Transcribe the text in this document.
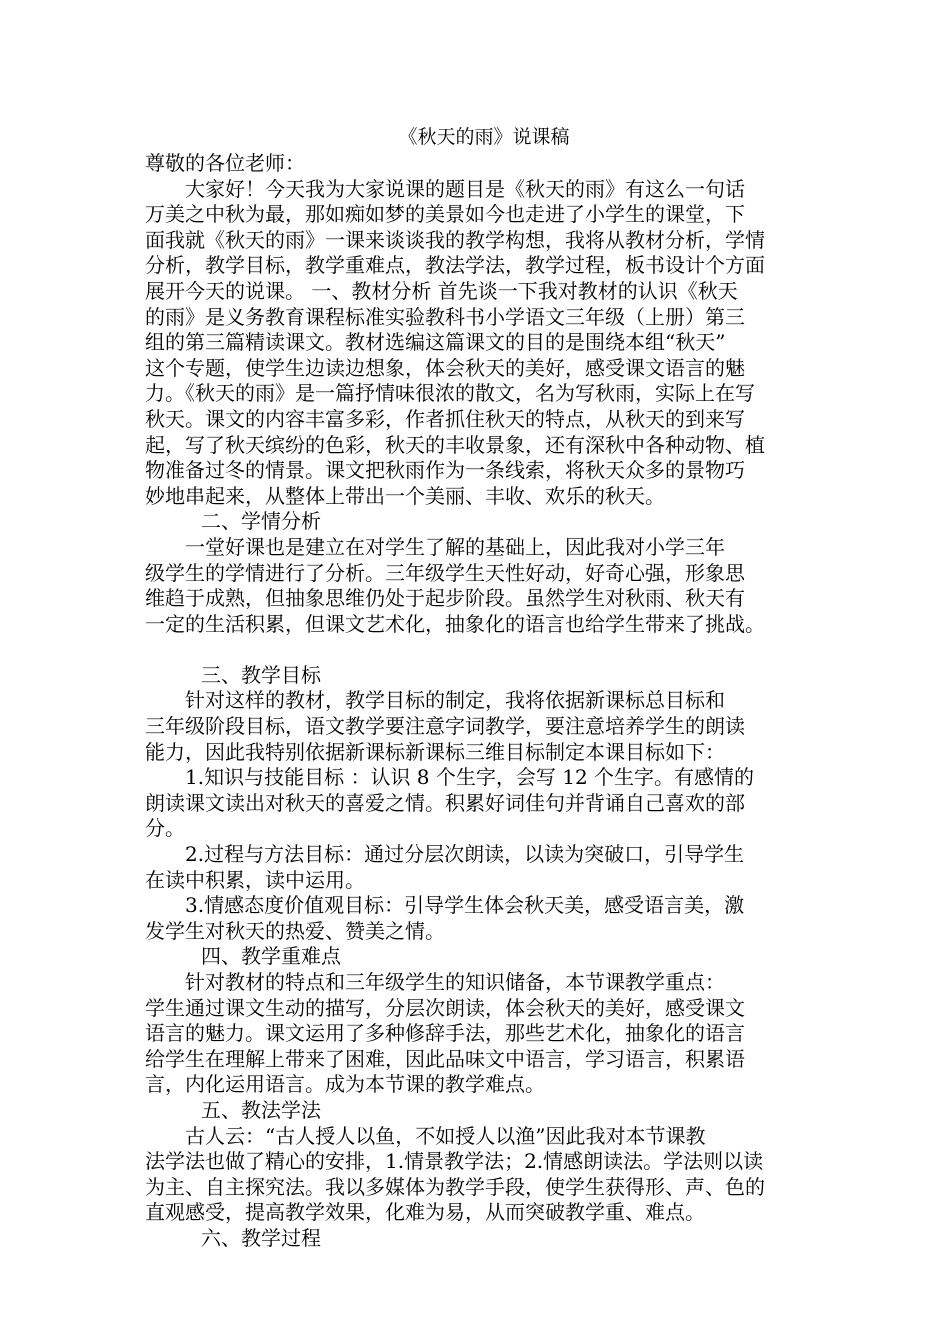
《秋天的雨》说课稿
尊敬的各位老师：
大家好！今天我为大家说课的题目是《秋天的雨》有这么一句话
万美之中秋为最，那如痴如梦的美景如今也走进了小学生的课堂，下
面我就《秋天的雨》一课来谈谈我的教学构想，我将从教材分析，学情
分析，教学目标，教学重难点，教法学法，教学过程，板书设计个方面
展开今天的说课。 一、教材分析 首先谈一下我对教材的认识《秋天
的雨》是义务教育课程标准实验教科书小学语文三年级（上册）第三
组的第三篇精读课文。教材选编这篇课文的目的是围绕本组“秋天”
这个专题，使学生边读边想象，体会秋天的美好，感受课文语言的魅
力。《秋天的雨》是一篇抒情味很浓的散文，名为写秋雨，实际上在写
秋天。课文的内容丰富多彩，作者抓住秋天的特点，从秋天的到来写
起，写了秋天缤纷的色彩，秋天的丰收景象，还有深秋中各种动物、植
物准备过冬的情景。课文把秋雨作为一条线索，将秋天众多的景物巧
妙地串起来，从整体上带出一个美丽、丰收、欢乐的秋天。
二、学情分析
一堂好课也是建立在对学生了解的基础上，因此我对小学三年
级学生的学情进行了分析。三年级学生天性好动，好奇心强，形象思
维趋于成熟，但抽象思维仍处于起步阶段。虽然学生对秋雨、秋天有
一定的生活积累，但课文艺术化，抽象化的语言也给学生带来了挑战。
三、教学目标
针对这样的教材，教学目标的制定，我将依据新课标总目标和
三年级阶段目标，语文教学要注意字词教学，要注意培养学生的朗读
能力，因此我特别依据新课标新课标三维目标制定本课目标如下：
1.知识与技能目标 ：认识 8 个生字，会写 12 个生字。有感情的
朗读课文读出对秋天的喜爱之情。积累好词佳句并背诵自己喜欢的部
分。
2.过程与方法目标：通过分层次朗读，以读为突破口，引导学生
在读中积累，读中运用。
3.情感态度价值观目标：引导学生体会秋天美，感受语言美，激
发学生对秋天的热爱、赞美之情。
四、教学重难点
针对教材的特点和三年级学生的知识储备，本节课教学重点：
学生通过课文生动的描写，分层次朗读，体会秋天的美好，感受课文
语言的魅力。课文运用了多种修辞手法，那些艺术化，抽象化的语言
给学生在理解上带来了困难，因此品味文中语言，学习语言，积累语
言，内化运用语言。成为本节课的教学难点。
五、教法学法
古人云：“古人授人以鱼，不如授人以渔”因此我对本节课教
法学法也做了精心的安排，1.情景教学法；2.情感朗读法。学法则以读
为主、自主探究法。我以多媒体为教学手段，使学生获得形、声、色的
直观感受，提高教学效果，化难为易，从而突破教学重、难点。
六、教学过程
